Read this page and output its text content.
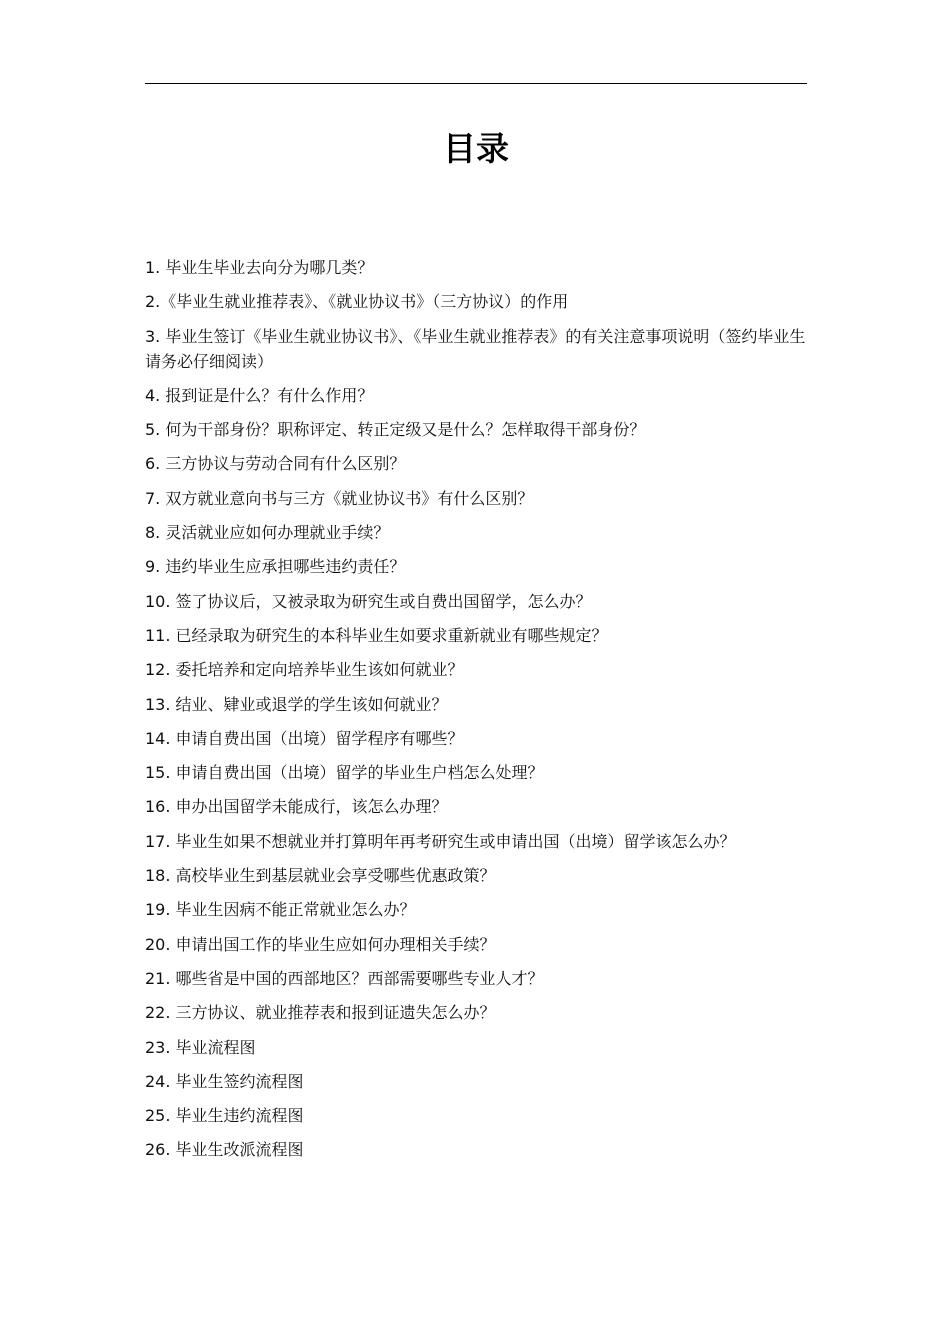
目录
1. 毕业生毕业去向分为哪几类？
2.《毕业生就业推荐表》、《就业协议书》（三方协议）的作用
3. 毕业生签订《毕业生就业协议书》、《毕业生就业推荐表》的有关注意事项说明（签约毕业生请务必仔细阅读）
4. 报到证是什么？有什么作用？
5. 何为干部身份？职称评定、转正定级又是什么？怎样取得干部身份？
6. 三方协议与劳动合同有什么区别？
7. 双方就业意向书与三方《就业协议书》有什么区别？
8. 灵活就业应如何办理就业手续？
9. 违约毕业生应承担哪些违约责任？
10. 签了协议后，又被录取为研究生或自费出国留学，怎么办？
11. 已经录取为研究生的本科毕业生如要求重新就业有哪些规定？
12. 委托培养和定向培养毕业生该如何就业？
13. 结业、肄业或退学的学生该如何就业？
14. 申请自费出国（出境）留学程序有哪些？
15. 申请自费出国（出境）留学的毕业生户档怎么处理？
16. 申办出国留学未能成行，该怎么办理？
17. 毕业生如果不想就业并打算明年再考研究生或申请出国（出境）留学该怎么办？
18. 高校毕业生到基层就业会享受哪些优惠政策？
19. 毕业生因病不能正常就业怎么办？
20. 申请出国工作的毕业生应如何办理相关手续？
21. 哪些省是中国的西部地区？西部需要哪些专业人才？
22. 三方协议、就业推荐表和报到证遗失怎么办？
23. 毕业流程图
24. 毕业生签约流程图
25. 毕业生违约流程图
26. 毕业生改派流程图
